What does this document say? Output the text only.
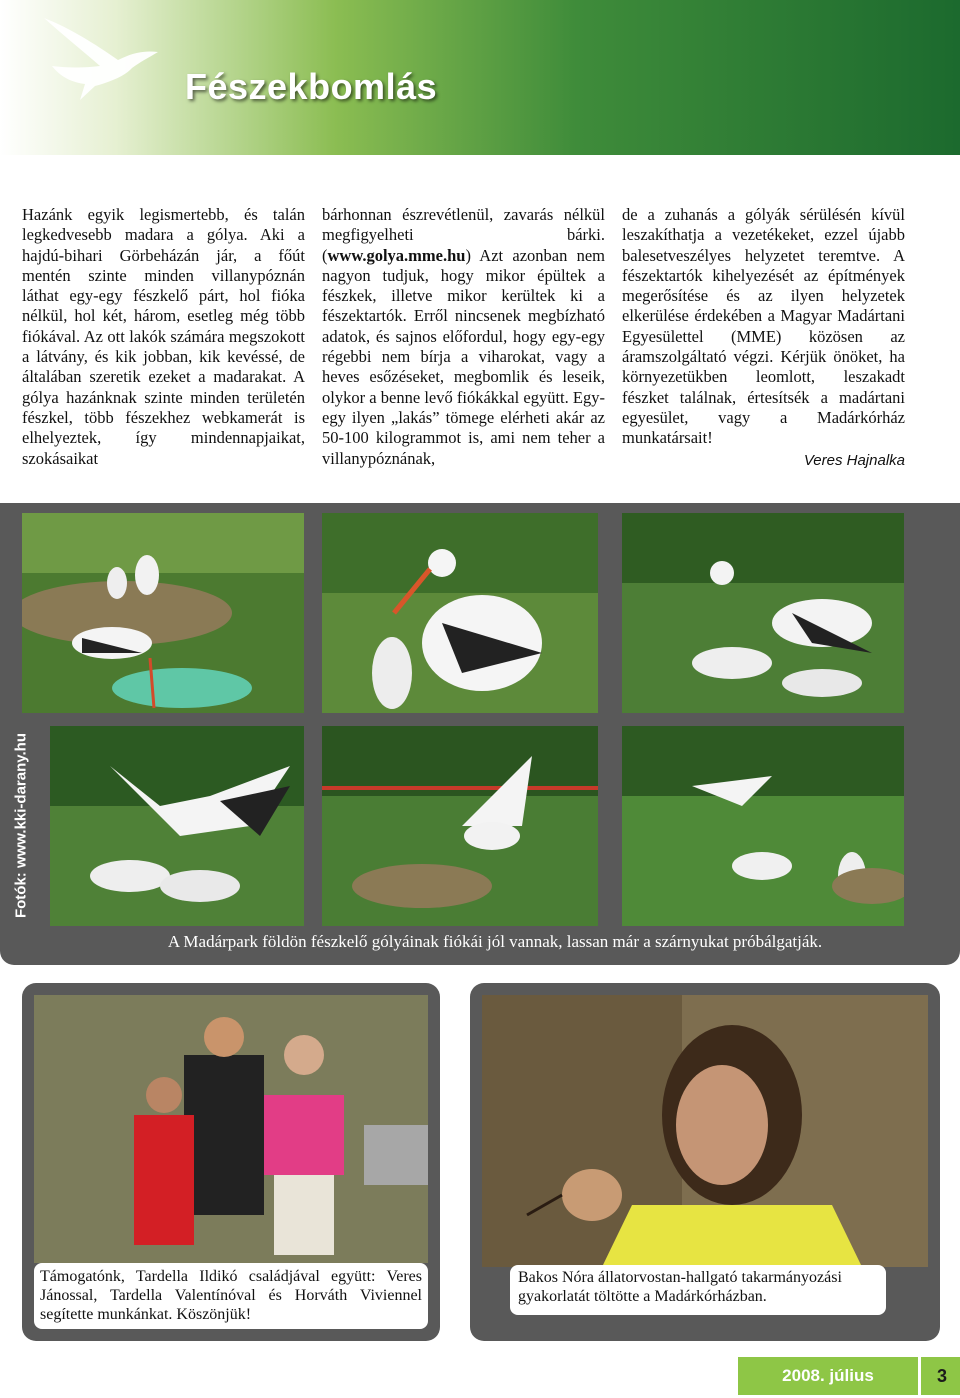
Fészekbomlás

Hazánk egyik legismertebb, és talán legkedvesebb madara a gólya. Aki a hajdú-bihari Görbeházán jár, a főút mentén szinte minden villanypóznán láthat egy-egy fészkelő párt, hol fióka nélkül, hol két, három, esetleg még több fiókával. Az ott lakók számára megszokott a látvány, és kik jobban, kik kevéssé, de általában szeretik ezeket a madarakat. A gólya hazánknak szinte minden területén fészkel, több fészekhez webkamerát is elhelyeztek, így mindennapjaikat, szokásaikat

bárhonnan észrevétlenül, zavarás nélkül megfigyelheti bárki. (www.golya.mme.hu) Azt azonban nem nagyon tudjuk, hogy mikor épültek a fészkek, illetve mikor kerültek ki a fészektartók. Erről nincsenek megbízható adatok, és sajnos előfordul, hogy egy-egy régebbi nem bírja a viharokat, vagy a heves esőzéseket, megbomlik és leseik, olykor a benne levő fiókákkal együtt. Egy-egy ilyen „lakás” tömege elérheti akár az 50-100 kilogrammot is, ami nem teher a villanypóznának,

de a zuhanás a gólyák sérülésén kívül leszakíthatja a vezetékeket, ezzel újabb balesetveszélyes helyzetet teremtve. A fészektartók kihelyezését az építmények megerősítése és az ilyen helyzetek elkerülése érdekében a Magyar Madártani Egyesülettel (MME) közösen az áramszolgáltató végzi. Kérjük önöket, ha környezetükben leomlott, leszakadt fészket találnak, értesítsék a madártani egyesület, vagy a Madárkórház munkatársait!

Veres Hajnalka
Fotók: www.kki-darany.hu
A Madárpark földön fészkelő gólyáinak fiókái jól vannak, lassan már a szárnyukat próbálgatják.
Támogatónk, Tardella Ildikó családjával együtt: Veres Jánossal, Tardella Valentínóval és Horváth Viviennel segítette munkánkat. Köszönjük!
Bakos Nóra állatorvostan-hallgató takarmányozási gyakorlatát töltötte a Madárkórházban.
2008. július	3
